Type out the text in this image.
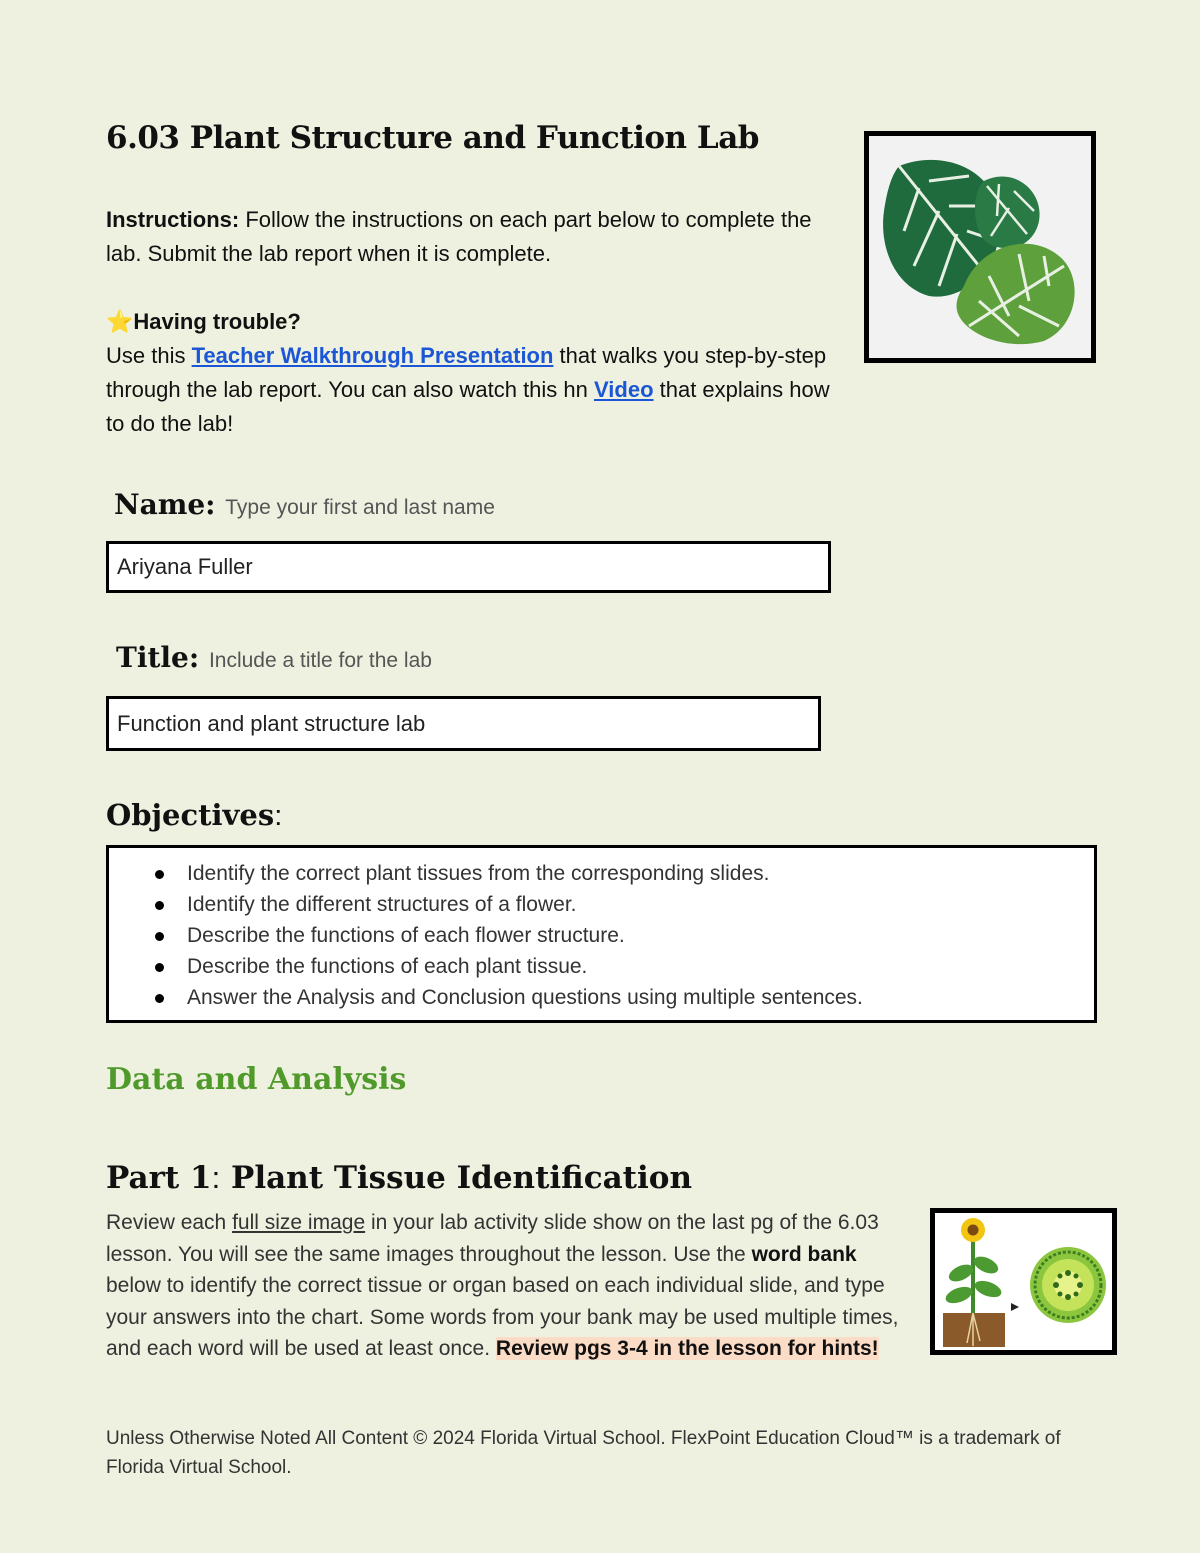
6.03 Plant Structure and Function Lab
Instructions: Follow the instructions on each part below to complete the lab. Submit the lab report when it is complete.
⭐Having trouble?
Use this Teacher Walkthrough Presentation that walks you step-by-step through the lab report. You can also watch this hn Video that explains how to do the lab!
Name: Type your first and last name
Ariyana Fuller
Title: Include a title for the lab
Function and plant structure lab
Objectives:
Identify the correct plant tissues from the corresponding slides.
Identify the different structures of a flower.
Describe the functions of each flower structure.
Describe the functions of each plant tissue.
Answer the Analysis and Conclusion questions using multiple sentences.
Data and Analysis
Part 1: Plant Tissue Identification
Review each full size image in your lab activity slide show on the last pg of the 6.03 lesson. You will see the same images throughout the lesson. Use the word bank below to identify the correct tissue or organ based on each individual slide, and type your answers into the chart. Some words from your bank may be used multiple times, and each word will be used at least once. Review pgs 3-4 in the lesson for hints!
Unless Otherwise Noted All Content © 2024 Florida Virtual School. FlexPoint Education Cloud™ is a trademark of Florida Virtual School.
